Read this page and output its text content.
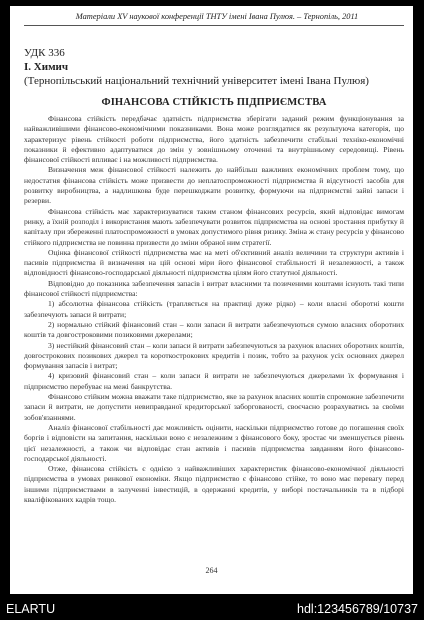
Матеріали XV наукової конференції ТНТУ імені Івана Пулюя. – Тернопіль, 2011
УДК 336
І. Химич
(Тернопільський національний технічний університет імені Івана Пулюя)
ФІНАНСОВА СТІЙКІСТЬ ПІДПРИЄМСТВА

Фінансова стійкість передбачає здатність підприємства зберігати заданий режим функціонування за найважливішими фінансово-економічними показниками. Вона може розглядатися як результуюча категорія, що характеризує рівень стійкості роботи підприємства, його здатність забезпечити стабільні техніко-економічні показники й ефективно адаптуватися до змін у зовнішньому оточенні та внутрішньому середовищі. Рівень фінансової стійкості впливає і на можливості підприємства.

Визначення меж фінансової стійкості належить до найбільш важливих економічних проблем тому, що недостатня фінансова стійкість може призвести до неплатоспроможності підприємства й відсутності засобів для розвитку виробництва, а надлишкова буде перешкоджати розвитку, формуючи на підприємстві зайві запаси і резерви.

Фінансова стійкість має характеризуватися таким станом фінансових ресурсів, який відповідає вимогам ринку, а їхній розподіл і використання мають забезпечувати розвиток підприємства на основі зростання прибутку й капіталу при збереженні платоспроможності в умовах допустимого рівня ризику. Зміна ж стану ресурсів у фінансово стійкого підприємства не повинна призвести до зміни обраної ним стратегії.

Оцінка фінансової стійкості підприємства має на меті об'єктивний аналіз величини та структури активів і пасивів підприємства й визначення на цій основі міри його фінансової стабільності й незалежності, а також відповідності фінансово-господарської діяльності підприємства цілям його статутної діяльності.

Відповідно до показника забезпечення запасів і витрат власними та позиченими коштами існують такі типи фінансової стійкості підприємства:

1) абсолютна фінансова стійкість (трапляється на практиці дуже рідко) – коли власні оборотні кошти забезпечують запаси й витрати;

2) нормально стійкий фінансовий стан – коли запаси й витрати забезпечуються сумою власних оборотних коштів та довгостроковими позиковими джерелами;

3) нестійкий фінансовий стан – коли запаси й витрати забезпечуються за рахунок власних оборотних коштів, довгострокових позикових джерел та короткострокових кредитів і позик, тобто за рахунок усіх основних джерел формування запасів і витрат;

4) кризовий фінансовий стан – коли запаси й витрати не забезпечуються джерелами їх формування і підприємство перебуває на межі банкрутства.

Фінансово стійким можна вважати таке підприємство, яке за рахунок власних коштів спроможне забезпечити запаси й витрати, не допустити невиправданої кредиторської заборгованості, своєчасно розрахуватись за своїми зобов'язаннями.

Аналіз фінансової стабільності дає можливість оцінити, наскільки підприємство готове до погашення своїх боргів і відповісти на запитання, наскільки воно є незалежним з фінансового боку, зростає чи зменшується рівень цієї незалежності, а також чи відповідає стан активів і пасивів підприємства завданням його фінансово-господарської діяльності.

Отже, фінансова стійкість є однією з найважливіших характеристик фінансово-економічної діяльності підприємства в умовах ринкової економіки. Якщо підприємство є фінансово стійке, то воно має перевагу перед іншими підприємствами в залученні інвестицій, в одержанні кредитів, у виборі постачальників та в підборі кваліфікованих кадрів тощо.

264
ELARTU	hdl:123456789/10737
